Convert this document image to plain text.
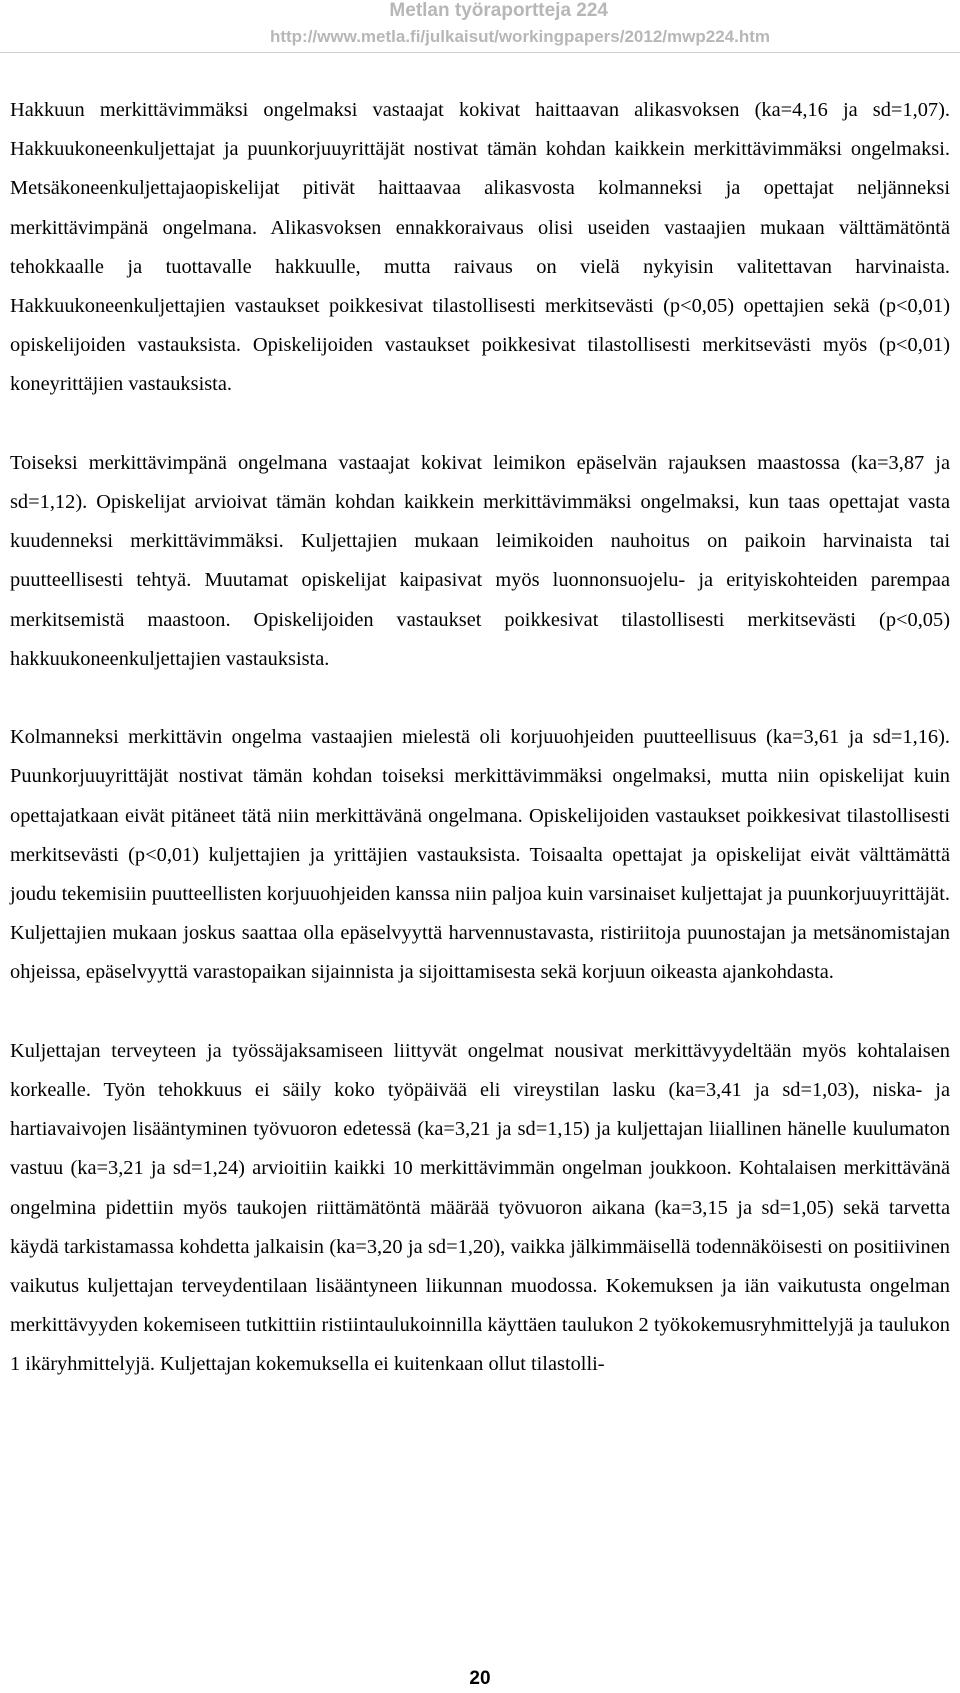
Metlan työraportteja 224
http://www.metla.fi/julkaisut/workingpapers/2012/mwp224.htm

Hakkuun merkittävimmäksi ongelmaksi vastaajat kokivat haittaavan alikasvoksen (ka=4,16 ja sd=1,07). Hakkuukoneenkuljettajat ja puunkorjuuyrittäjät nostivat tämän kohdan kaikkein merkittävimmäksi ongelmaksi. Metsäkoneenkuljettajaopiskelijat pitivät haittaavaa alikasvosta kolmanneksi ja opettajat neljänneksi merkittävimpänä ongelmana. Alikasvoksen ennakkoraivaus olisi useiden vastaajien mukaan välttämätöntä tehokkaalle ja tuottavalle hakkuulle, mutta raivaus on vielä nykyisin valitettavan harvinaista. Hakkuukoneenkuljettajien vastaukset poikkesivat tilastollisesti merkitsevästi (p<0,05) opettajien sekä (p<0,01) opiskelijoiden vastauksista. Opiskelijoiden vastaukset poikkesivat tilastollisesti merkitsevästi myös (p<0,01) koneyrittäjien vastauksista.

Toiseksi merkittävimpänä ongelmana vastaajat kokivat leimikon epäselvän rajauksen maastossa (ka=3,87 ja sd=1,12). Opiskelijat arvioivat tämän kohdan kaikkein merkittävimmäksi ongelmaksi, kun taas opettajat vasta kuudenneksi merkittävimmäksi. Kuljettajien mukaan leimikoiden nauhoitus on paikoin harvinaista tai puutteellisesti tehtyä. Muutamat opiskelijat kaipasivat myös luonnonsuojelu- ja erityiskohteiden parempaa merkitsemistä maastoon. Opiskelijoiden vastaukset poikkesivat tilastollisesti merkitsevästi (p<0,05) hakkuukoneenkuljettajien vastauksista.

Kolmanneksi merkittävin ongelma vastaajien mielestä oli korjuuohjeiden puutteellisuus (ka=3,61 ja sd=1,16). Puunkorjuuyrittäjät nostivat tämän kohdan toiseksi merkittävimmäksi ongelmaksi, mutta niin opiskelijat kuin opettajatkaan eivät pitäneet tätä niin merkittävänä ongelmana. Opiskelijoiden vastaukset poikkesivat tilastollisesti merkitsevästi (p<0,01) kuljettajien ja yrittäjien vastauksista. Toisaalta opettajat ja opiskelijat eivät välttämättä joudu tekemisiin puutteellisten korjuuohjeiden kanssa niin paljoa kuin varsinaiset kuljettajat ja puunkorjuuyrittäjät. Kuljettajien mukaan joskus saattaa olla epäselvyyttä harvennustavasta, ristiriitoja puunostajan ja metsänomistajan ohjeissa, epäselvyyttä varastopaikan sijainnista ja sijoittamisesta sekä korjuun oikeasta ajankohdasta.

Kuljettajan terveyteen ja työssäjaksamiseen liittyvät ongelmat nousivat merkittävyydeltään myös kohtalaisen korkealle. Työn tehokkuus ei säily koko työpäivää eli vireystilan lasku (ka=3,41 ja sd=1,03), niska- ja hartiavaivojen lisääntyminen työvuoron edetessä (ka=3,21 ja sd=1,15) ja kuljettajan liiallinen hänelle kuulumaton vastuu (ka=3,21 ja sd=1,24) arvioitiin kaikki 10 merkittävimmän ongelman joukkoon. Kohtalaisen merkittävänä ongelmina pidettiin myös taukojen riittämätöntä määrää työvuoron aikana (ka=3,15 ja sd=1,05) sekä tarvetta käydä tarkistamassa kohdetta jalkaisin (ka=3,20 ja sd=1,20), vaikka jälkimmäisellä todennäköisesti on positiivinen vaikutus kuljettajan terveydentilaan lisääntyneen liikunnan muodossa. Kokemuksen ja iän vaikutusta ongelman merkittävyyden kokemiseen tutkittiin ristiintaulukoinnilla käyttäen taulukon 2 työkokemusryhmittelyjä ja taulukon 1 ikäryhmittelyjä. Kuljettajan kokemuksella ei kuitenkaan ollut tilastolli-

20
